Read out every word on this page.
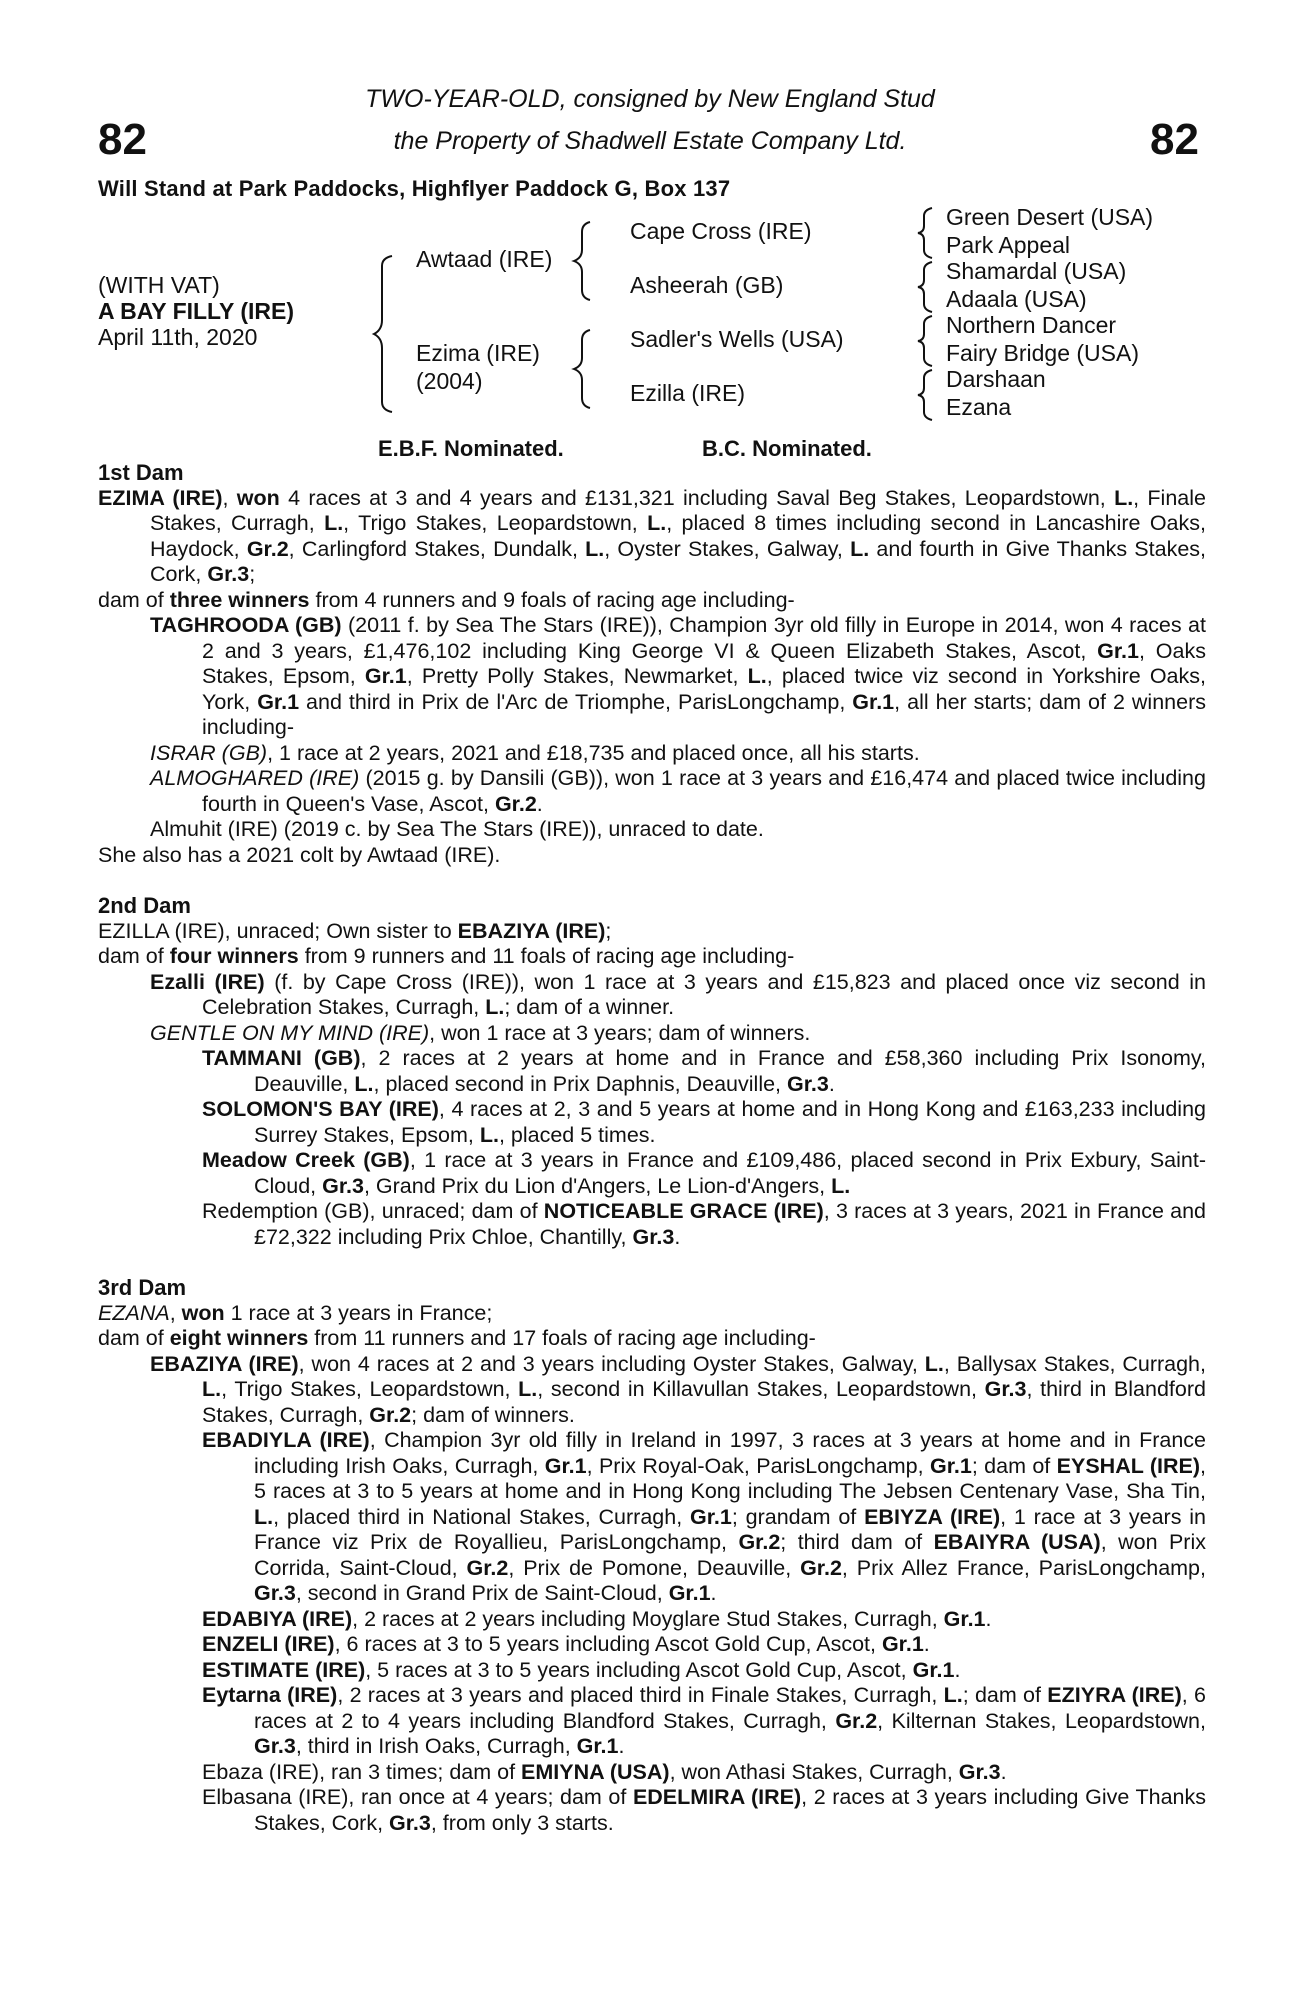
82	82
TWO-YEAR-OLD, consigned by New England Stud
the Property of Shadwell Estate Company Ltd.
Will Stand at Park Paddocks, Highflyer Paddock G, Box 137
(WITH VAT)
A BAY FILLY (IRE)
April 11th, 2020
Awtaad (IRE)
Ezima (IRE)
(2004)
Cape Cross (IRE)
Asheerah (GB)
Sadler's Wells (USA)
Ezilla (IRE)
Green Desert (USA)
Park Appeal
Shamardal (USA)
Adaala (USA)
Northern Dancer
Fairy Bridge (USA)
Darshaan
Ezana
E.B.F. Nominated.	B.C. Nominated.
1st Dam
EZIMA (IRE), won 4 races at 3 and 4 years and £131,321 including Saval Beg Stakes, Leopardstown, L., Finale Stakes, Curragh, L., Trigo Stakes, Leopardstown, L., placed 8 times including second in Lancashire Oaks, Haydock, Gr.2, Carlingford Stakes, Dundalk, L., Oyster Stakes, Galway, L. and fourth in Give Thanks Stakes, Cork, Gr.3;
dam of three winners from 4 runners and 9 foals of racing age including-
TAGHROODA (GB) (2011 f. by Sea The Stars (IRE)), Champion 3yr old filly in Europe in 2014, won 4 races at 2 and 3 years, £1,476,102 including King George VI & Queen Elizabeth Stakes, Ascot, Gr.1, Oaks Stakes, Epsom, Gr.1, Pretty Polly Stakes, Newmarket, L., placed twice viz second in Yorkshire Oaks, York, Gr.1 and third in Prix de l'Arc de Triomphe, ParisLongchamp, Gr.1, all her starts; dam of 2 winners including-
ISRAR (GB), 1 race at 2 years, 2021 and £18,735 and placed once, all his starts.
ALMOGHARED (IRE) (2015 g. by Dansili (GB)), won 1 race at 3 years and £16,474 and placed twice including fourth in Queen's Vase, Ascot, Gr.2.
Almuhit (IRE) (2019 c. by Sea The Stars (IRE)), unraced to date.
She also has a 2021 colt by Awtaad (IRE).
2nd Dam
EZILLA (IRE), unraced; Own sister to EBAZIYA (IRE);
dam of four winners from 9 runners and 11 foals of racing age including-
Ezalli (IRE) (f. by Cape Cross (IRE)), won 1 race at 3 years and £15,823 and placed once viz second in Celebration Stakes, Curragh, L.; dam of a winner.
GENTLE ON MY MIND (IRE), won 1 race at 3 years; dam of winners.
TAMMANI (GB), 2 races at 2 years at home and in France and £58,360 including Prix Isonomy, Deauville, L., placed second in Prix Daphnis, Deauville, Gr.3.
SOLOMON'S BAY (IRE), 4 races at 2, 3 and 5 years at home and in Hong Kong and £163,233 including Surrey Stakes, Epsom, L., placed 5 times.
Meadow Creek (GB), 1 race at 3 years in France and £109,486, placed second in Prix Exbury, Saint-Cloud, Gr.3, Grand Prix du Lion d'Angers, Le Lion-d'Angers, L.
Redemption (GB), unraced; dam of NOTICEABLE GRACE (IRE), 3 races at 3 years, 2021 in France and £72,322 including Prix Chloe, Chantilly, Gr.3.
3rd Dam
EZANA, won 1 race at 3 years in France;
dam of eight winners from 11 runners and 17 foals of racing age including-
EBAZIYA (IRE), won 4 races at 2 and 3 years including Oyster Stakes, Galway, L., Ballysax Stakes, Curragh, L., Trigo Stakes, Leopardstown, L., second in Killavullan Stakes, Leopardstown, Gr.3, third in Blandford Stakes, Curragh, Gr.2; dam of winners.
EBADIYLA (IRE), Champion 3yr old filly in Ireland in 1997, 3 races at 3 years at home and in France including Irish Oaks, Curragh, Gr.1, Prix Royal-Oak, ParisLongchamp, Gr.1; dam of EYSHAL (IRE), 5 races at 3 to 5 years at home and in Hong Kong including The Jebsen Centenary Vase, Sha Tin, L., placed third in National Stakes, Curragh, Gr.1; grandam of EBIYZA (IRE), 1 race at 3 years in France viz Prix de Royallieu, ParisLongchamp, Gr.2; third dam of EBAIYRA (USA), won Prix Corrida, Saint-Cloud, Gr.2, Prix de Pomone, Deauville, Gr.2, Prix Allez France, ParisLongchamp, Gr.3, second in Grand Prix de Saint-Cloud, Gr.1.
EDABIYA (IRE), 2 races at 2 years including Moyglare Stud Stakes, Curragh, Gr.1.
ENZELI (IRE), 6 races at 3 to 5 years including Ascot Gold Cup, Ascot, Gr.1.
ESTIMATE (IRE), 5 races at 3 to 5 years including Ascot Gold Cup, Ascot, Gr.1.
Eytarna (IRE), 2 races at 3 years and placed third in Finale Stakes, Curragh, L.; dam of EZIYRA (IRE), 6 races at 2 to 4 years including Blandford Stakes, Curragh, Gr.2, Kilternan Stakes, Leopardstown, Gr.3, third in Irish Oaks, Curragh, Gr.1.
Ebaza (IRE), ran 3 times; dam of EMIYNA (USA), won Athasi Stakes, Curragh, Gr.3.
Elbasana (IRE), ran once at 4 years; dam of EDELMIRA (IRE), 2 races at 3 years including Give Thanks Stakes, Cork, Gr.3, from only 3 starts.
